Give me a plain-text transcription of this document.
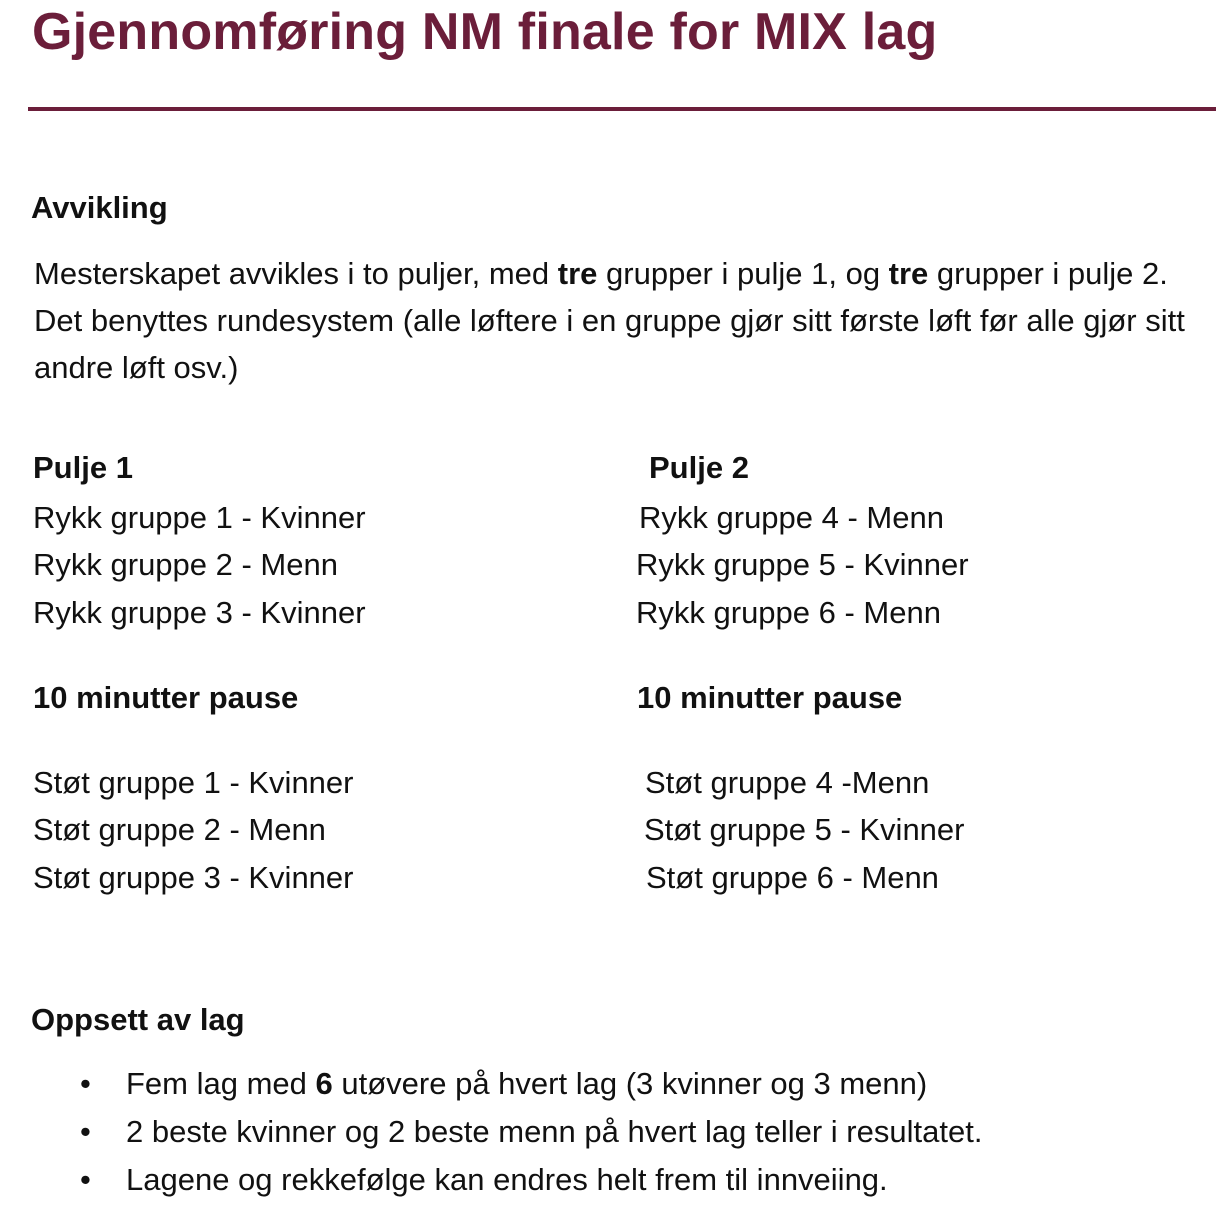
Gjennomføring NM finale for MIX lag
Avvikling

Mesterskapet avvikles i to puljer, med tre grupper i pulje 1, og tre grupper i pulje 2. Det benyttes rundesystem (alle løftere i en gruppe gjør sitt første løft før alle gjør sitt andre løft osv.)

Pulje 1
Rykk gruppe 1 - Kvinner
Rykk gruppe 2 - Menn
Rykk gruppe 3 - Kvinner
10 minutter pause
Støt gruppe 1 - Kvinner
Støt gruppe 2 - Menn
Støt gruppe 3 - Kvinner
Pulje 2
Rykk gruppe 4 - Menn
Rykk gruppe 5 - Kvinner
Rykk gruppe 6 - Menn
10 minutter pause
Støt gruppe 4 -Menn
Støt gruppe 5 - Kvinner
Støt gruppe 6 - Menn
Oppsett av lag
• Fem lag med 6 utøvere på hvert lag (3 kvinner og 3 menn)
• 2 beste kvinner og 2 beste menn på hvert lag teller i resultatet.
• Lagene og rekkefølge kan endres helt frem til innveiing.
